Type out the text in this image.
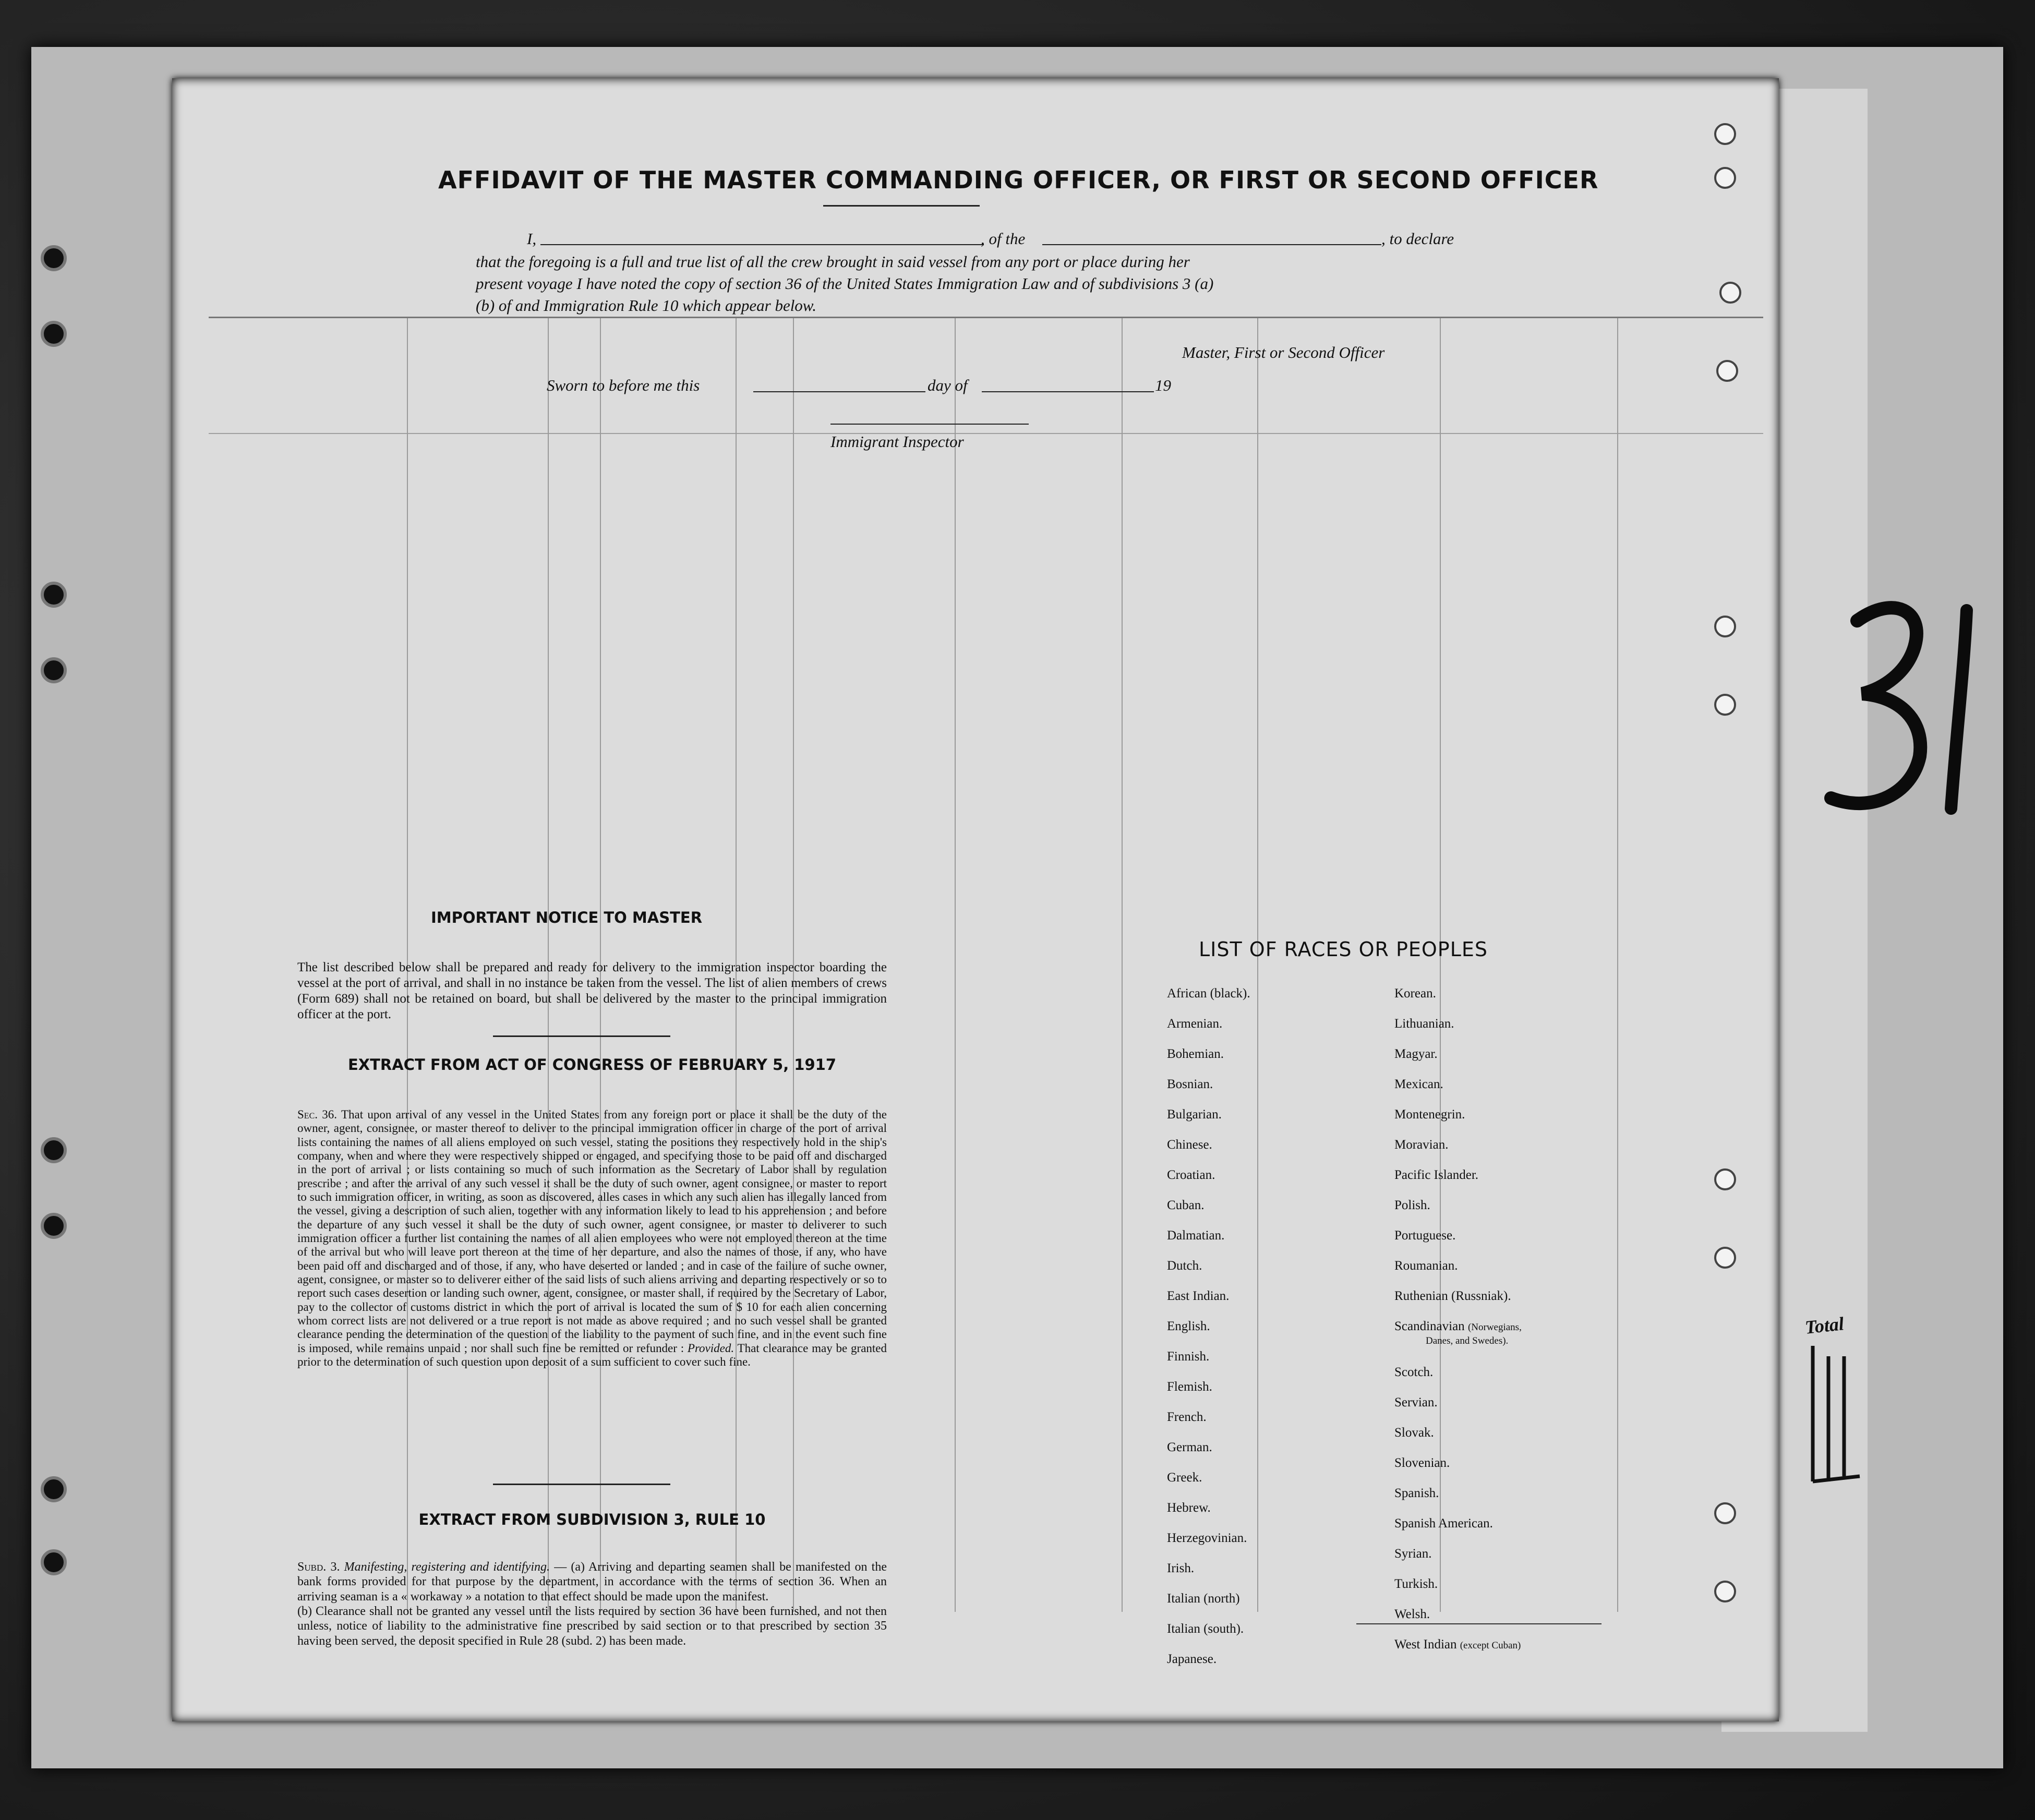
AFFIDAVIT OF THE MASTER COMMANDING OFFICER, OR FIRST OR SECOND OFFICER
I,	, of the	, to declare
that the foregoing is a full and true list of all the crew brought in said vessel from any port or place during her
present voyage I have noted the copy of section 36 of the United States Immigration Law and of subdivisions 3 (a)
(b) of and Immigration Rule 10 which appear below.
Master, First or Second Officer
Sworn to before me this	day of	19
Immigrant Inspector
IMPORTANT NOTICE TO MASTER
The list described below shall be prepared and ready for delivery to the immigration inspector boarding the vessel at the port of arrival, and shall in no instance be taken from the vessel. The list of alien members of crews (Form 689) shall not be retained on board, but shall be delivered by the master to the principal immigration officer at the port.
EXTRACT FROM ACT OF CONGRESS OF FEBRUARY 5, 1917
Sec. 36. That upon arrival of any vessel in the United States from any foreign port or place it shall be the duty of the owner, agent, consignee, or master thereof to deliver to the principal immigration officer in charge of the port of arrival lists containing the names of all aliens employed on such vessel, stating the positions they respectively hold in the ship's company, when and where they were respectively shipped or engaged, and specifying those to be paid off and discharged in the port of arrival ; or lists containing so much of such information as the Secretary of Labor shall by regulation prescribe ; and after the arrival of any such vessel it shall be the duty of such owner, agent consignee, or master to report to such immigration officer, in writing, as soon as discovered, alles cases in which any such alien has illegally lanced from the vessel, giving a description of such alien, together with any information likely to lead to his apprehension ; and before the departure of any such vessel it shall be the duty of such owner, agent consignee, or master to deliverer to such immigration officer a further list containing the names of all alien employees who were not employed thereon at the time of the arrival but who will leave port thereon at the time of her departure, and also the names of those, if any, who have been paid off and discharged and of those, if any, who have deserted or landed ; and in case of the failure of suche owner, agent, consignee, or master so to deliverer either of the said lists of such aliens arriving and departing respectively or so to report such cases desertion or landing such owner, agent, consignee, or master shall, if required by the Secretary of Labor, pay to the collector of customs district in which the port of arrival is located the sum of $ 10 for each alien concerning whom correct lists are not delivered or a true report is not made as above required ; and no such vessel shall be granted clearance pending the determination of the question of the liability to the payment of such fine, and in the event such fine is imposed, while remains unpaid ; nor shall such fine be remitted or refunder : Provided. That clearance may be granted prior to the determination of such question upon deposit of a sum sufficient to cover such fine.
EXTRACT FROM SUBDIVISION 3, RULE 10
Subd. 3. Manifesting, registering and identifying. — (a) Arriving and departing seamen shall be manifested on the bank forms provided for that purpose by the department, in accordance with the terms of section 36. When an arriving seaman is a « workaway » a notation to that effect should be made upon the manifest.
(b) Clearance shall not be granted any vessel until the lists required by section 36 have been furnished, and not then unless, notice of liability to the administrative fine prescribed by said section or to that prescribed by section 35 having been served, the deposit specified in Rule 28 (subd. 2) has been made.
LIST OF RACES OR PEOPLES
African (black).
Armenian.
Bohemian.
Bosnian.
Bulgarian.
Chinese.
Croatian.
Cuban.
Dalmatian.
Dutch.
East Indian.
English.
Finnish.
Flemish.
French.
German.
Greek.
Hebrew.
Herzegovinian.
Irish.
Italian (north)
Italian (south).
Japanese.
Korean.
Lithuanian.
Magyar.
Mexican.
Montenegrin.
Moravian.
Pacific Islander.
Polish.
Portuguese.
Roumanian.
Ruthenian (Russniak).
Scandinavian (Norwegians,
Danes, and Swedes).
Scotch.
Servian.
Slovak.
Slovenian.
Spanish.
Spanish American.
Syrian.
Turkish.
Welsh.
West Indian (except Cuban)
Total
